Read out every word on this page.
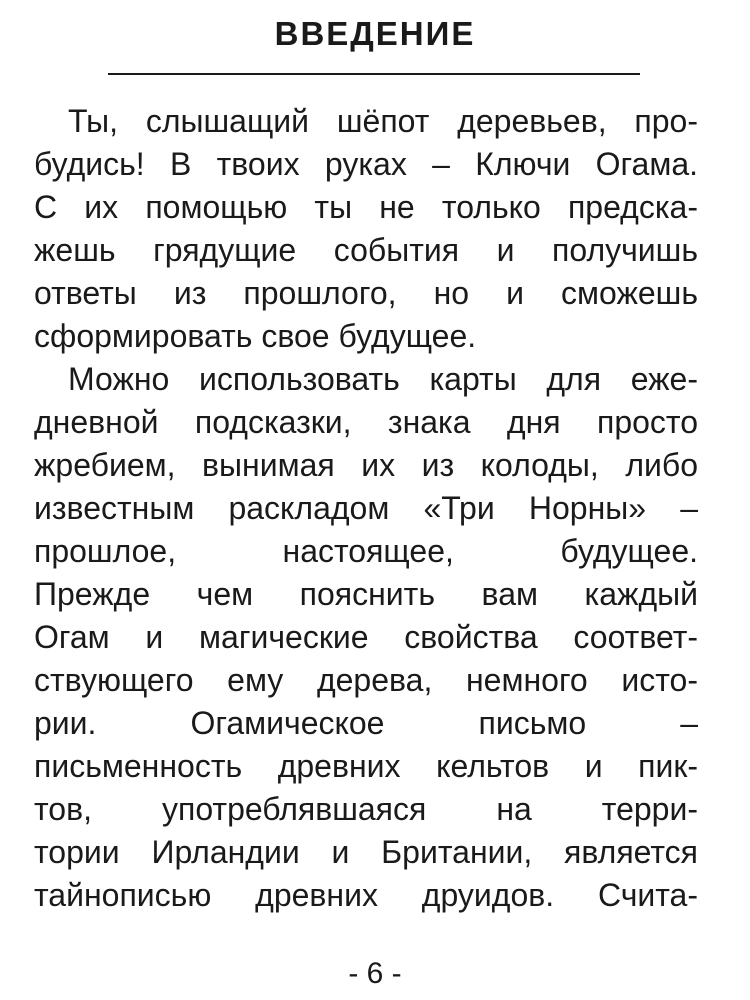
ВВЕДЕНИЕ
Ты, слышащий шёпот деревьев, про-
будись! В твоих руках – Ключи Огама.
С их помощью ты не только предска-
жешь грядущие события и получишь
ответы из прошлого, но и сможешь
сформировать свое будущее.
Можно использовать карты для еже-
дневной подсказки, знака дня просто
жребием, вынимая их из колоды, либо
известным раскладом «Три Норны» –
прошлое, настоящее, будущее.
Прежде чем пояснить вам каждый
Огам и магические свойства соответ-
ствующего ему дерева, немного исто-
рии. Огамическое письмо –
письменность древних кельтов и пик-
тов, употреблявшаяся на терри-
тории Ирландии и Британии, является
тайнописью древних друидов. Счита-
- 6 -
